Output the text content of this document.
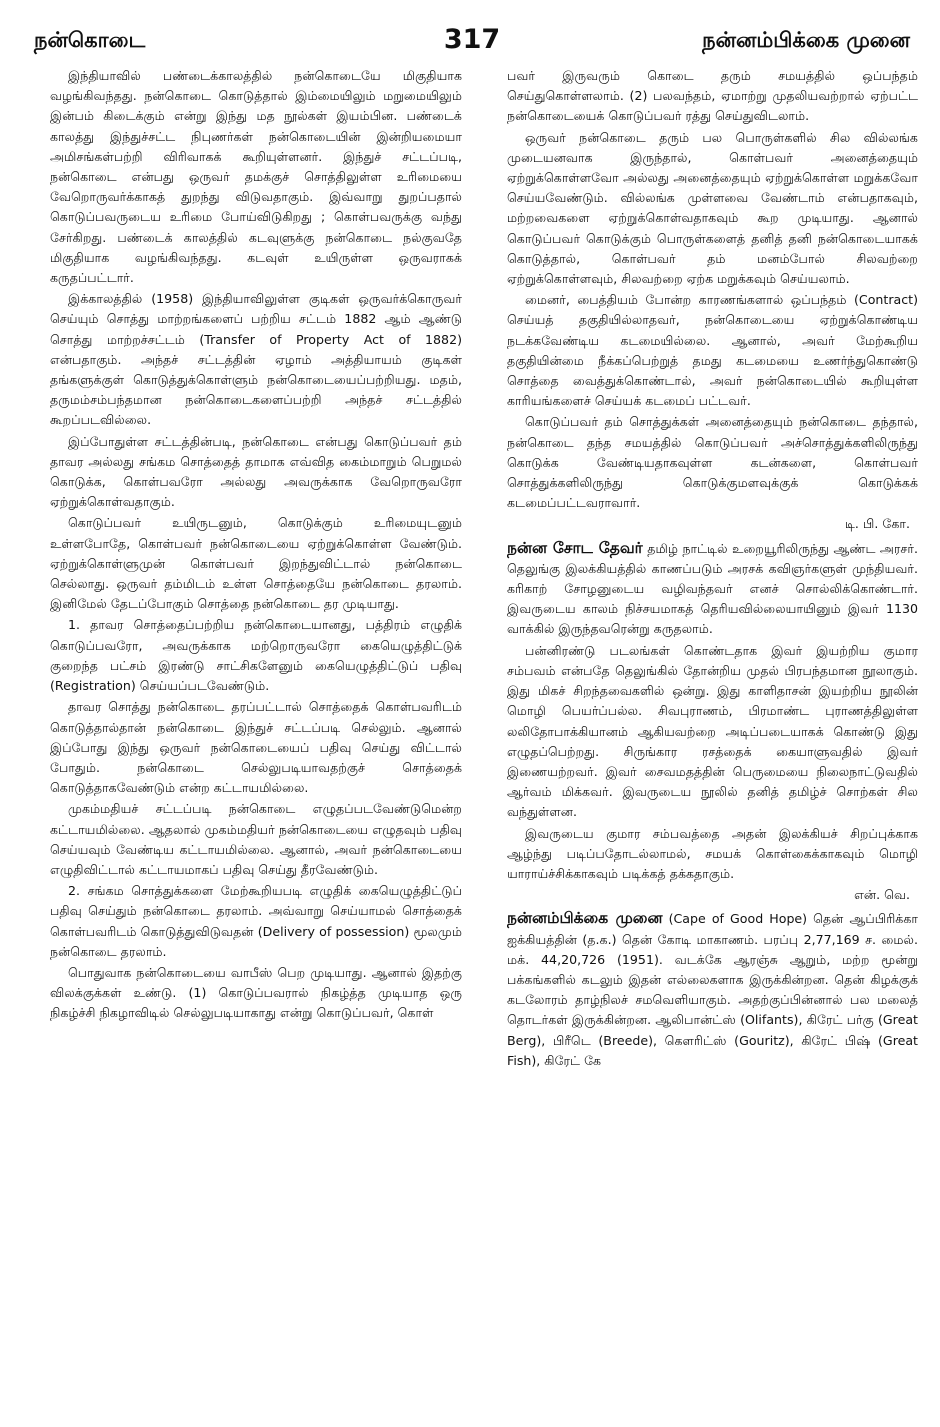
நன்கொடை	317	நன்னம்பிக்கை முனை

இந்தியாவில் பண்டைக்காலத்தில் நன்கொடையே மிகுதியாக வழங்கிவந்தது. நன்கொடை கொடுத்தால் இம்மையிலும் மறுமையிலும் இன்பம் கிடைக்கும் என்று இந்து மத நூல்கள் இயம்பின. பண்டைக் காலத்து இந்துச்சட்ட நிபுணர்கள் நன்கொடையின் இன்றியமையா அமிசங்கள்பற்றி விரிவாகக் கூறியுள்ளனர். இந்துச் சட்டப்படி, நன்கொடை என்பது ஒருவர் தமக்குச் சொத்திலுள்ள உரிமையை வேறொருவர்க்காகத் துறந்து விடுவதாகும். இவ்வாறு துறப்பதால் கொடுப்பவருடைய உரிமை போய்விடுகிறது ; கொள்பவருக்கு வந்து சேர்கிறது. பண்டைக் காலத்தில் கடவுளுக்கு நன்கொடை நல்குவதே மிகுதியாக வழங்கிவந்தது. கடவுள் உயிருள்ள ஒருவராகக் கருதப்பட்டார்.

இக்காலத்தில் (1958) இந்தியாவிலுள்ள குடிகள் ஒருவர்க்கொருவர் செய்யும் சொத்து மாற்றங்களைப் பற்றிய சட்டம் 1882 ஆம் ஆண்டு சொத்து மாற்றச்சட்டம் (Transfer of Property Act of 1882) என்பதாகும். அந்தச் சட்டத்தின் ஏழாம் அத்தியாயம் குடிகள் தங்களுக்குள் கொடுத்துக்கொள்ளும் நன்கொடையைப்பற்றியது. மதம், தருமம்சம்பந்தமான நன்கொடைகளைப்பற்றி அந்தச் சட்டத்தில் கூறப்படவில்லை.

இப்போதுள்ள சட்டத்தின்படி, நன்கொடை என்பது கொடுப்பவர் தம் தாவர அல்லது சங்கம சொத்தைத் தாமாக எவ்வித கைம்மாறும் பெறுமல் கொடுக்க, கொள்பவரோ அல்லது அவருக்காக வேறொருவரோ ஏற்றுக்கொள்வதாகும்.

கொடுப்பவர் உயிருடனும், கொடுக்கும் உரிமையுடனும் உள்ளபோதே, கொள்பவர் நன்கொடையை ஏற்றுக்கொள்ள வேண்டும். ஏற்றுக்கொள்ளுமுன் கொள்பவர் இறந்துவிட்டால் நன்கொடை செல்லாது. ஒருவர் தம்மிடம் உள்ள சொத்தையே நன்கொடை தரலாம். இனிமேல் தேடப்போகும் சொத்தை நன்கொடை தர முடியாது.

1. தாவர சொத்தைப்பற்றிய நன்கொடையானது, பத்திரம் எழுதிக் கொடுப்பவரோ, அவருக்காக மற்றொருவரோ கையெழுத்திட்டுக் குறைந்த பட்சம் இரண்டு சாட்சிகளேனும் கையெழுத்திட்டுப் பதிவு (Registration) செய்யப்படவேண்டும்.

தாவர சொத்து நன்கொடை தரப்பட்டால் சொத்தைக் கொள்பவரிடம் கொடுத்தால்தான் நன்கொடை இந்துச் சட்டப்படி செல்லும். ஆனால் இப்போது இந்து ஒருவர் நன்கொடையைப் பதிவு செய்து விட்டால் போதும். நன்கொடை செல்லுபடியாவதற்குச் சொத்தைக் கொடுத்தாகவேண்டும் என்ற கட்டாயமில்லை.

முகம்மதியச் சட்டப்படி நன்கொடை எழுதப்படவேண்டுமென்ற கட்டாயமில்லை. ஆதலால் முகம்மதியர் நன்கொடையை எழுதவும் பதிவு செய்யவும் வேண்டிய கட்டாயமில்லை. ஆனால், அவர் நன்கொடையை எழுதிவிட்டால் கட்டாயமாகப் பதிவு செய்து தீரவேண்டும்.

2. சங்கம சொத்துக்களை மேற்கூறியபடி எழுதிக் கையெழுத்திட்டுப் பதிவு செய்தும் நன்கொடை தரலாம். அவ்வாறு செய்யாமல் சொத்தைக் கொள்பவரிடம் கொடுத்துவிடுவதன் (Delivery of possession) மூலமும் நன்கொடை தரலாம்.

பொதுவாக நன்கொடையை வாபீஸ் பெற முடியாது. ஆனால் இதற்கு விலக்குக்கள் உண்டு. (1) கொடுப்பவரால் நிகழ்த்த முடியாத ஒரு நிகழ்ச்சி நிகழாவிடில் செல்லுபடியாகாது என்று கொடுப்பவர், கொள்

பவர் இருவரும் கொடை தரும் சமயத்தில் ஒப்பந்தம் செய்துகொள்ளலாம். (2) பலவந்தம், ஏமாற்று முதலியவற்றால் ஏற்பட்ட நன்கொடையைக் கொடுப்பவர் ரத்து செய்துவிடலாம்.

ஒருவர் நன்கொடை தரும் பல பொருள்களில் சில வில்லங்க முடையனவாக இருந்தால், கொள்பவர் அனைத்தையும் ஏற்றுக்கொள்ளவோ அல்லது அனைத்தையும் ஏற்றுக்கொள்ள மறுக்கவோ செய்யவேண்டும். வில்லங்க முள்ளவை வேண்டாம் என்பதாகவும், மற்றவைகளை ஏற்றுக்கொள்வதாகவும் கூற முடியாது. ஆனால் கொடுப்பவர் கொடுக்கும் பொருள்களைத் தனித் தனி நன்கொடையாகக் கொடுத்தால், கொள்பவர் தம் மனம்போல் சிலவற்றை ஏற்றுக்கொள்ளவும், சிலவற்றை ஏற்க மறுக்கவும் செய்யலாம்.

மைனர், பைத்தியம் போன்ற காரணங்களால் ஒப்பந்தம் (Contract) செய்யத் தகுதியில்லாதவர், நன்கொடையை ஏற்றுக்கொண்டிய நடக்கவேண்டிய கடமையில்லை. ஆனால், அவர் மேற்கூறிய தகுதியின்மை நீக்கப்பெற்றுத் தமது கடமையை உணர்ந்துகொண்டு சொத்தை வைத்துக்கொண்டால், அவர் நன்கொடையில் கூறியுள்ள காரியங்களைச் செய்யக் கடமைப் பட்டவர்.

கொடுப்பவர் தம் சொத்துக்கள் அனைத்தையும் நன்கொடை தந்தால், நன்கொடை தந்த சமயத்தில் கொடுப்பவர் அச்சொத்துக்களிலிருந்து கொடுக்க வேண்டியதாகவுள்ள கடன்களை, கொள்பவர் சொத்துக்களிலிருந்து கொடுக்குமளவுக்குக் கொடுக்கக் கடமைப்பட்டவராவார்.

டி. பி. கோ.

நன்ன சோட தேவர் தமிழ் நாட்டில் உறையூரிலிருந்து ஆண்ட அரசர். தெலுங்கு இலக்கியத்தில் காணப்படும் அரசக் கவிஞர்களுள் முந்தியவர். கரிகாற் சோழனுடைய வழிவந்தவர் எனச் சொல்லிக்கொண்டார். இவருடைய காலம் நிச்சயமாகத் தெரியவில்லையாயினும் இவர் 1130 வாக்கில் இருந்தவரென்று கருதலாம்.

பன்னிரண்டு படலங்கள் கொண்டதாக இவர் இயற்றிய குமார சம்பவம் என்பதே தெலுங்கில் தோன்றிய முதல் பிரபந்தமான நூலாகும். இது மிகச் சிறந்தவைகளில் ஒன்று. இது காளிதாசன் இயற்றிய நூலின் மொழி பெயர்ப்பல்ல. சிவபுராணம், பிரமாண்ட புராணத்திலுள்ள லலிதோபாக்கியானம் ஆகியவற்றை அடிப்படையாகக் கொண்டு இது எழுதப்பெற்றது. சிருங்கார ரசத்தைக் கையாளுவதில் இவர் இணையற்றவர். இவர் சைவமதத்தின் பெருமையை நிலைநாட்டுவதில் ஆர்வம் மிக்கவர். இவருடைய நூலில் தனித் தமிழ்ச் சொற்கள் சில வந்துள்ளன.

இவருடைய குமார சம்பவத்தை அதன் இலக்கியச் சிறப்புக்காக ஆழ்ந்து படிப்பதோடல்லாமல், சமயக் கொள்கைக்காகவும் மொழி யாராய்ச்சிக்காகவும் படிக்கத் தக்கதாகும்.

என். வெ.

நன்னம்பிக்கை முனை (Cape of Good Hope) தென் ஆப்பிரிக்கா ஐக்கியத்தின் (த.க.) தென் கோடி மாகாணம். பரப்பு 2,77,169 ச. மைல். மக். 44,20,726 (1951). வடக்கே ஆரஞ்சு ஆறும், மற்ற மூன்று பக்கங்களில் கடலும் இதன் எல்லைகளாக இருக்கின்றன. தென் கிழக்குக் கடலோரம் தாழ்நிலச் சமவெளியாகும். அதற்குப்பின்னால் பல மலைத் தொடர்கள் இருக்கின்றன. ஆலிபான்ட்ஸ் (Olifants), கிரேட் பர்கு (Great Berg), பிரீடெ (Breede), கௌரிட்ஸ் (Gouritz), கிரேட் பிஷ் (Great Fish), கிரேட் கே
